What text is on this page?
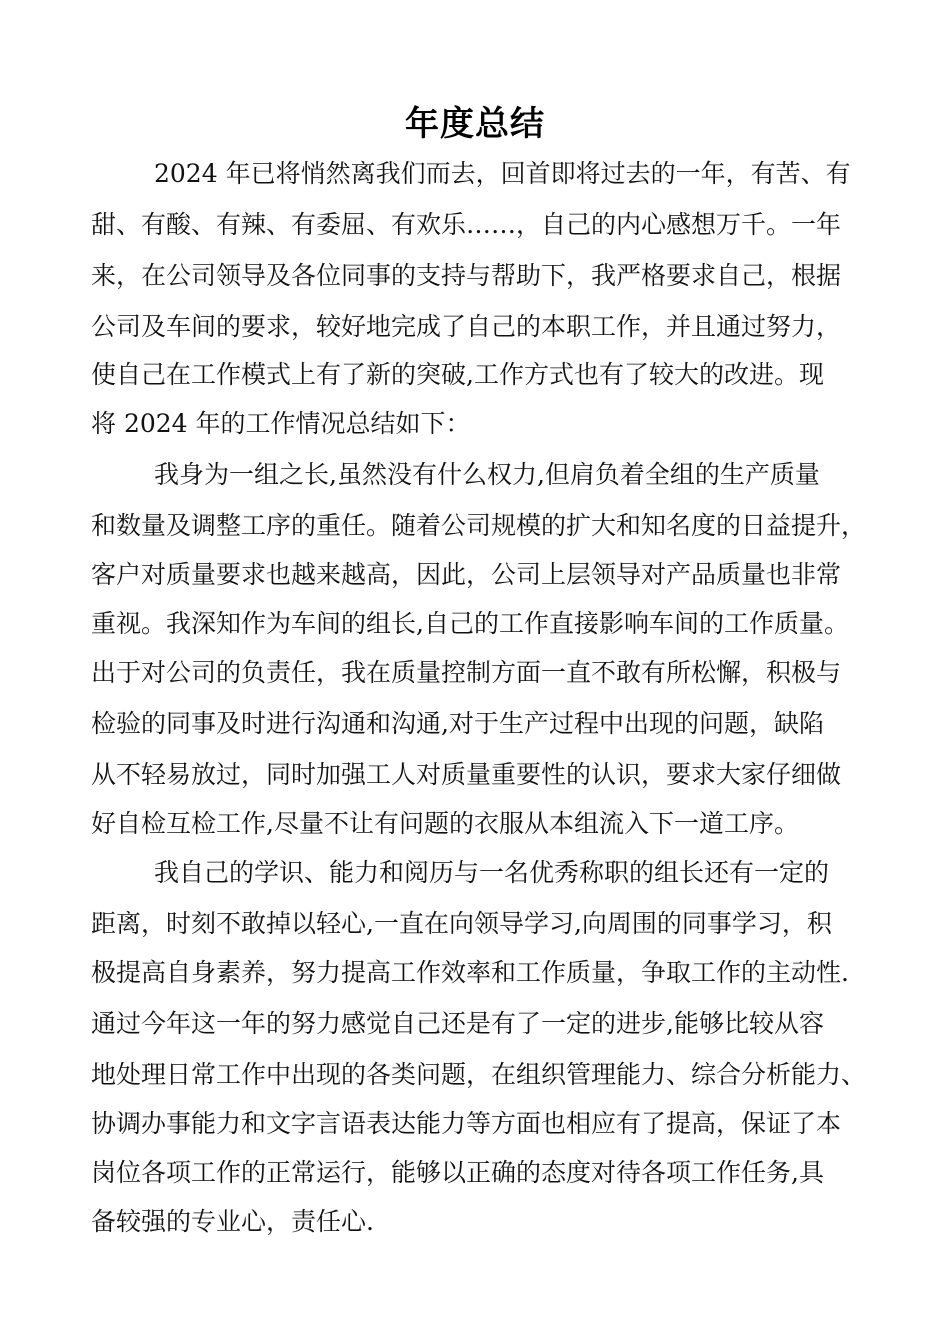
年度总结
2024 年已将悄然离我们而去，回首即将过去的一年，有苦、有
甜、有酸、有辣、有委屈、有欢乐……，自己的内心感想万千。一年
来，在公司领导及各位同事的支持与帮助下，我严格要求自己，根据
公司及车间的要求，较好地完成了自己的本职工作，并且通过努力，
使自己在工作模式上有了新的突破,工作方式也有了较大的改进。现
将 2024 年的工作情况总结如下：
我身为一组之长,虽然没有什么权力,但肩负着全组的生产质量
和数量及调整工序的重任。随着公司规模的扩大和知名度的日益提升，
客户对质量要求也越来越高，因此，公司上层领导对产品质量也非常
重视。我深知作为车间的组长,自己的工作直接影响车间的工作质量。
出于对公司的负责任，我在质量控制方面一直不敢有所松懈，积极与
检验的同事及时进行沟通和沟通,对于生产过程中出现的问题，缺陷
从不轻易放过，同时加强工人对质量重要性的认识，要求大家仔细做
好自检互检工作,尽量不让有问题的衣服从本组流入下一道工序。
我自己的学识、能力和阅历与一名优秀称职的组长还有一定的
距离，时刻不敢掉以轻心,一直在向领导学习,向周围的同事学习，积
极提高自身素养，努力提高工作效率和工作质量，争取工作的主动性.
通过今年这一年的努力感觉自己还是有了一定的进步,能够比较从容
地处理日常工作中出现的各类问题，在组织管理能力、综合分析能力、
协调办事能力和文字言语表达能力等方面也相应有了提高，保证了本
岗位各项工作的正常运行，能够以正确的态度对待各项工作任务,具
备较强的专业心，责任心.
